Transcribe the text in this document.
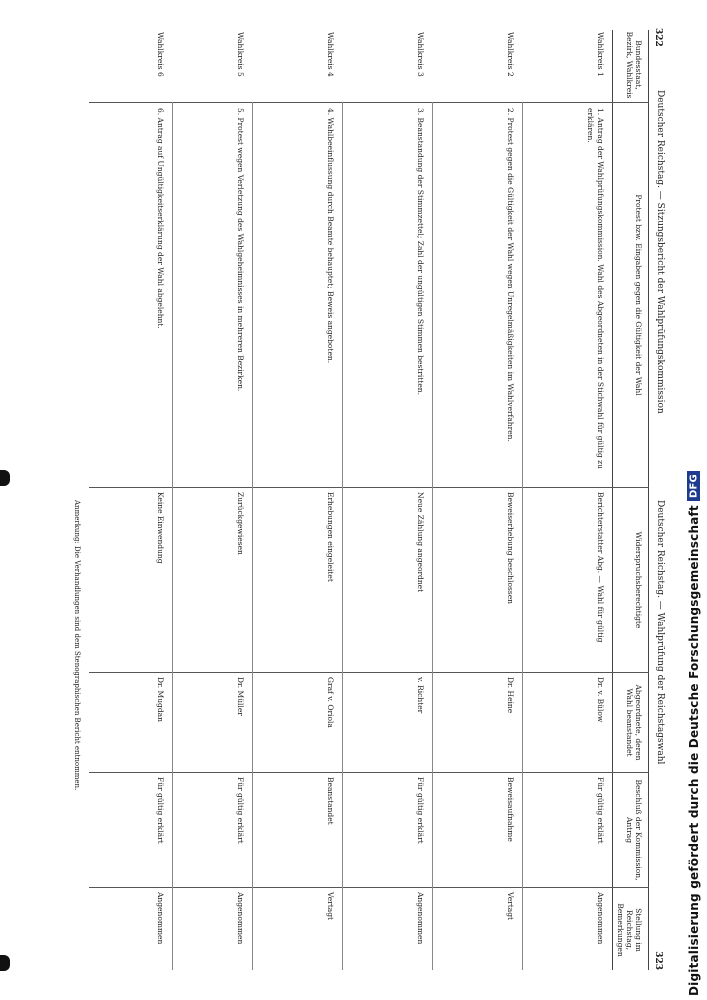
322
323
Deutscher Reichstag. — Sitzungsbericht der Wahlprüfungskommission
Deutscher Reichstag. — Wahlprüfung der Reichstagswahl
Bundesstaat, Bezirk, Wahlkreis
Protest bzw. Eingaben gegen die Gültigkeit der Wahl
Widerspruchsberechtigte
Abgeordnete, deren Wahl beanstandet
Beschluß der Kommission, Antrag
Stellung im Reichstag, Bemerkungen
Wahlkreis 1
1. Antrag der Wahlprüfungskommission. Wahl des Abgeordneten in der Stichwahl für gültig zu erklären.
Berichterstatter Abg. — Wahl für gültig
Dr. v. Bülow
Für gültig erklärt
Angenommen
Wahlkreis 2
2. Protest gegen die Gültigkeit der Wahl wegen Unregelmäßigkeiten im Wahlverfahren.
Beweiserhebung beschlossen
Dr. Heine
Beweisaufnahme
Vertagt
Wahlkreis 3
3. Beanstandung der Stimmzettel; Zahl der ungültigen Stimmen bestritten.
Neue Zählung angeordnet
v. Richter
Für gültig erklärt
Angenommen
Wahlkreis 4
4. Wahlbeeinflussung durch Beamte behauptet; Beweis angeboten.
Erhebungen eingeleitet
Graf v. Oriola
Beanstandet
Vertagt
Wahlkreis 5
5. Protest wegen Verletzung des Wahlgeheimnisses in mehreren Bezirken.
Zurückgewiesen
Dr. Müller
Für gültig erklärt
Angenommen
Wahlkreis 6
6. Antrag auf Ungültigkeitserklärung der Wahl abgelehnt.
Keine Einwendung
Dr. Mugdan
Für gültig erklärt
Angenommen
Anmerkung: Die Verhandlungen sind dem Stenographischen Bericht entnommen.	Digitalisierung gefördert durch die Deutsche Forschungsgemeinschaft
DFG
